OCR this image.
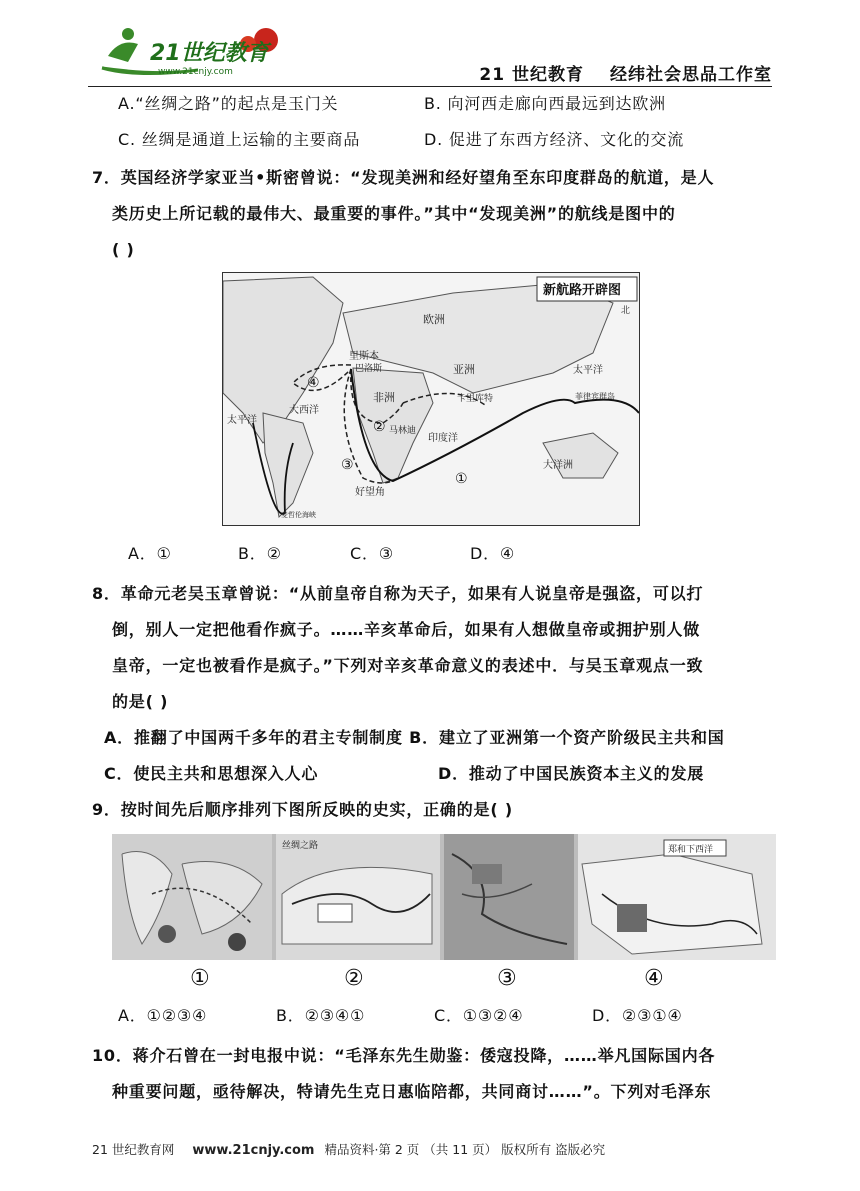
21世纪教育
www.21cnjy.com	21 世纪教育 经纬社会思品工作室
A.“丝绸之路”的起点是玉门关	B. 向河西走廊向西最远到达欧洲
C. 丝绸是通道上运输的主要商品	D. 促进了东西方经济、文化的交流
7．英国经济学家亚当•斯密曾说：“发现美洲和经好望角至东印度群岛的航道，是人
类历史上所记载的最伟大、最重要的事件。”其中“发现美洲”的航线是图中的
( )
新航路开辟图
欧洲
亚洲
非洲
里斯本
巴洛斯
卡里库特
马林迪
好望角
印度洋
大洋洲
太平洋
大西洋
太平洋
菲律宾群岛
北
麦哲伦海峡
①
②
③
④
A．①	B．②	C．③	D．④
8．革命元老吴玉章曾说：“从前皇帝自称为天子，如果有人说皇帝是强盗，可以打
倒，别人一定把他看作疯子。……辛亥革命后，如果有人想做皇帝或拥护别人做
皇帝，一定也被看作是疯子。”下列对辛亥革命意义的表述中．与吴玉章观点一致
的是( )
A．推翻了中国两千多年的君主专制制度 B．建立了亚洲第一个资产阶级民主共和国
C．使民主共和思想深入人心	D．推动了中国民族资本主义的发展
9．按时间先后顺序排列下图所反映的史实，正确的是( )
丝绸之路	郑和下西洋
①	②	③	④
A．①②③④	B．②③④①	C．①③②④	D．②③①④
10．蒋介石曾在一封电报中说：“毛泽东先生勋鉴：倭寇投降，……举凡国际国内各
种重要问题，亟待解决，特请先生克日惠临陪都，共同商讨……”。下列对毛泽东
21 世纪教育网 www.21cnjy.com 精品资料·第 2 页 （共 11 页） 版权所有 盗版必究
